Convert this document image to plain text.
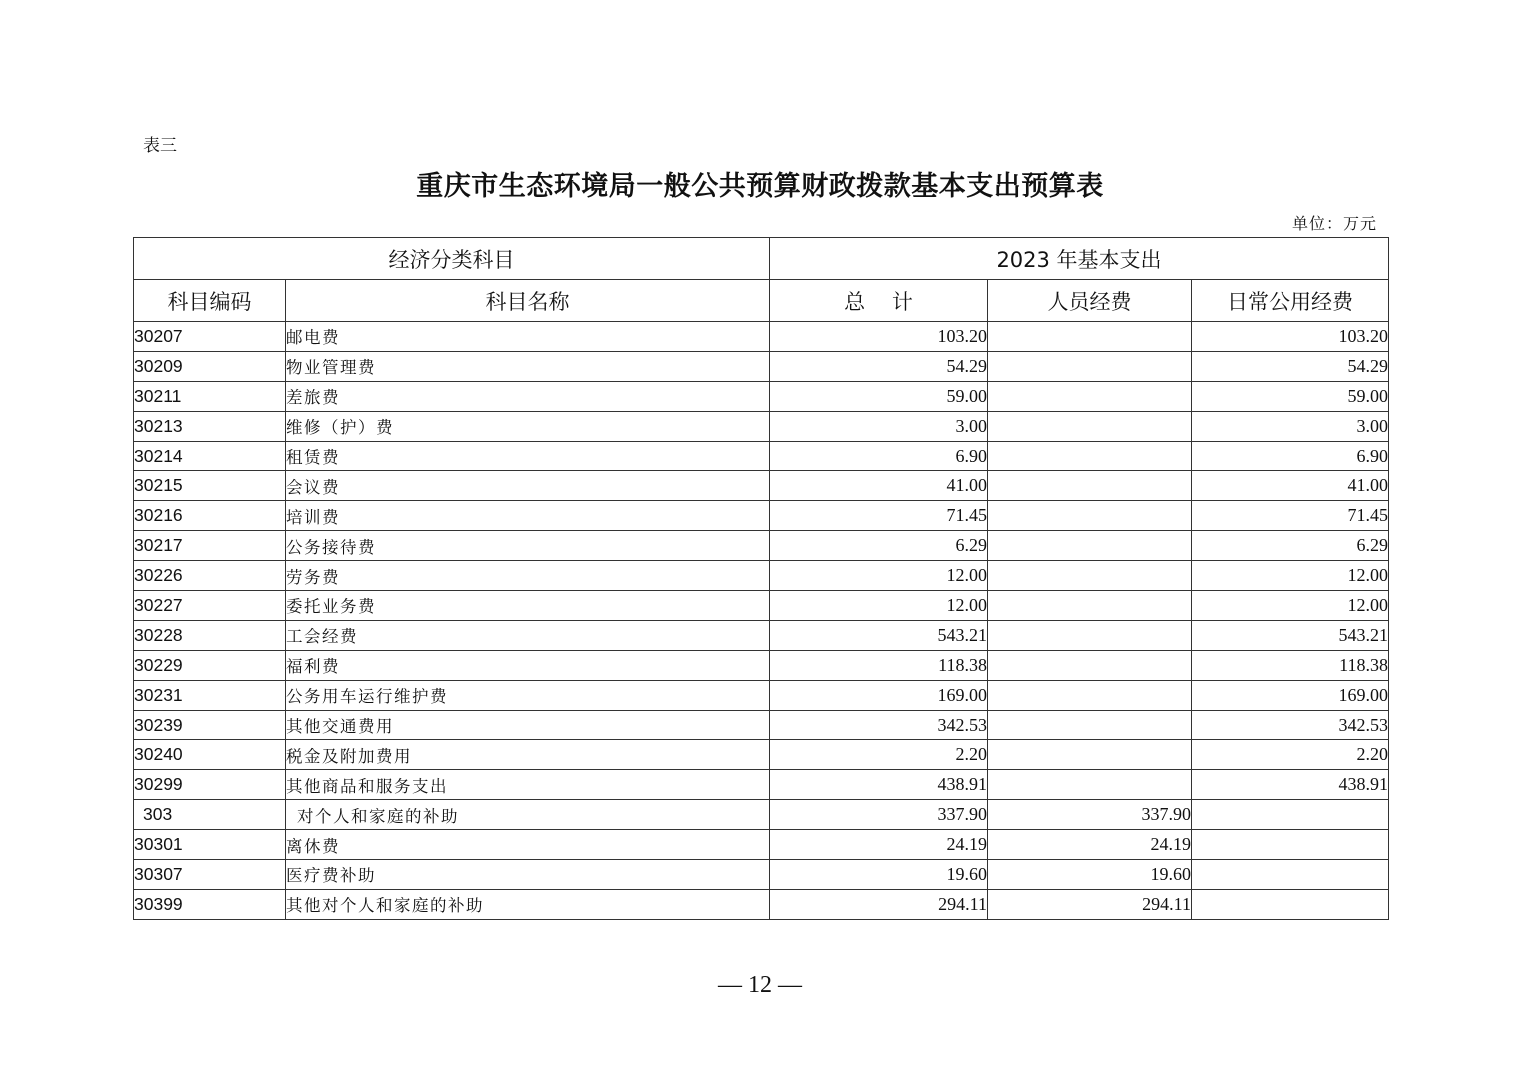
表三
重庆市生态环境局一般公共预算财政拨款基本支出预算表
单位：万元
经济分类科目		2023 年基本支出		
科目编码	科目名称	总    计	人员经费	日常公用经费
30207	邮电费	103.20		103.20
30209	物业管理费	54.29		54.29
30211	差旅费	59.00		59.00
30213	维修（护）费	3.00		3.00
30214	租赁费	6.90		6.90
30215	会议费	41.00		41.00
30216	培训费	71.45		71.45
30217	公务接待费	6.29		6.29
30226	劳务费	12.00		12.00
30227	委托业务费	12.00		12.00
30228	工会经费	543.21		543.21
30229	福利费	118.38		118.38
30231	公务用车运行维护费	169.00		169.00
30239	其他交通费用	342.53		342.53
30240	税金及附加费用	2.20		2.20
30299	其他商品和服务支出	438.91		438.91
303	对个人和家庭的补助	337.90	337.90	
30301	离休费	24.19	24.19	
30307	医疗费补助	19.60	19.60	
30399	其他对个人和家庭的补助	294.11	294.11	
— 12 —
